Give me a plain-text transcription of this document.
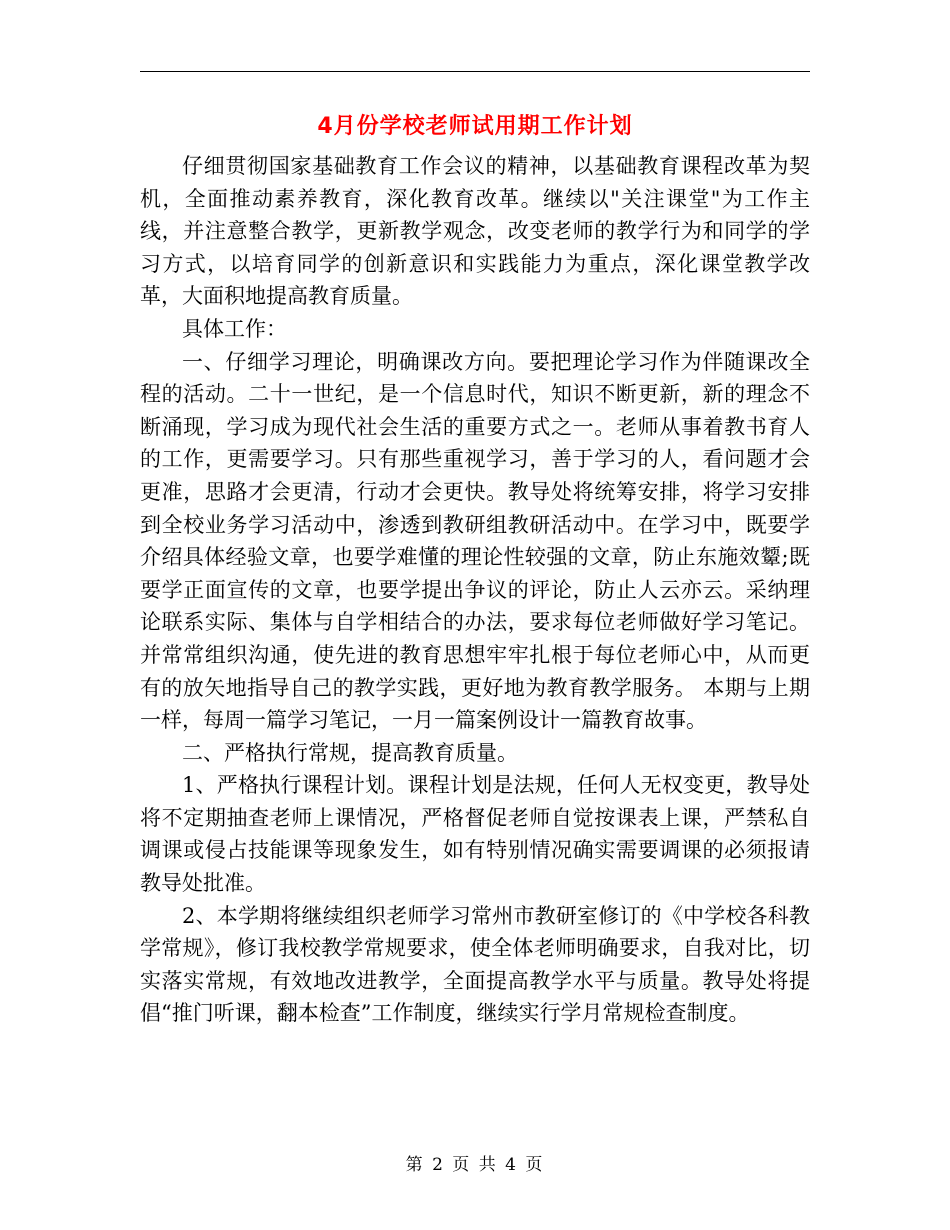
4月份学校老师试用期工作计划

仔细贯彻国家基础教育工作会议的精神，以基础教育课程改革为契机，全面推动素养教育，深化教育改革。继续以"关注课堂"为工作主线，并注意整合教学，更新教学观念，改变老师的教学行为和同学的学习方式，以培育同学的创新意识和实践能力为重点，深化课堂教学改革，大面积地提高教育质量。

具体工作：

一、仔细学习理论，明确课改方向。要把理论学习作为伴随课改全程的活动。二十一世纪，是一个信息时代，知识不断更新，新的理念不断涌现，学习成为现代社会生活的重要方式之一。老师从事着教书育人的工作，更需要学习。只有那些重视学习，善于学习的人，看问题才会更准，思路才会更清，行动才会更快。教导处将统筹安排，将学习安排到全校业务学习活动中，渗透到教研组教研活动中。在学习中，既要学介绍具体经验文章，也要学难懂的理论性较强的文章，防止东施效颦;既要学正面宣传的文章，也要学提出争议的评论，防止人云亦云。采纳理论联系实际、集体与自学相结合的办法，要求每位老师做好学习笔记。并常常组织沟通，使先进的教育思想牢牢扎根于每位老师心中，从而更有的放矢地指导自己的教学实践，更好地为教育教学服务。 本期与上期一样，每周一篇学习笔记，一月一篇案例设计一篇教育故事。

二、严格执行常规，提高教育质量。

1、严格执行课程计划。课程计划是法规，任何人无权变更，教导处将不定期抽查老师上课情况，严格督促老师自觉按课表上课，严禁私自调课或侵占技能课等现象发生，如有特别情况确实需要调课的必须报请教导处批准。

2、本学期将继续组织老师学习常州市教研室修订的《中学校各科教学常规》，修订我校教学常规要求，使全体老师明确要求，自我对比，切实落实常规，有效地改进教学，全面提高教学水平与质量。教导处将提倡“推门听课，翻本检查”工作制度，继续实行学月常规检查制度。

第 2 页 共 4 页
